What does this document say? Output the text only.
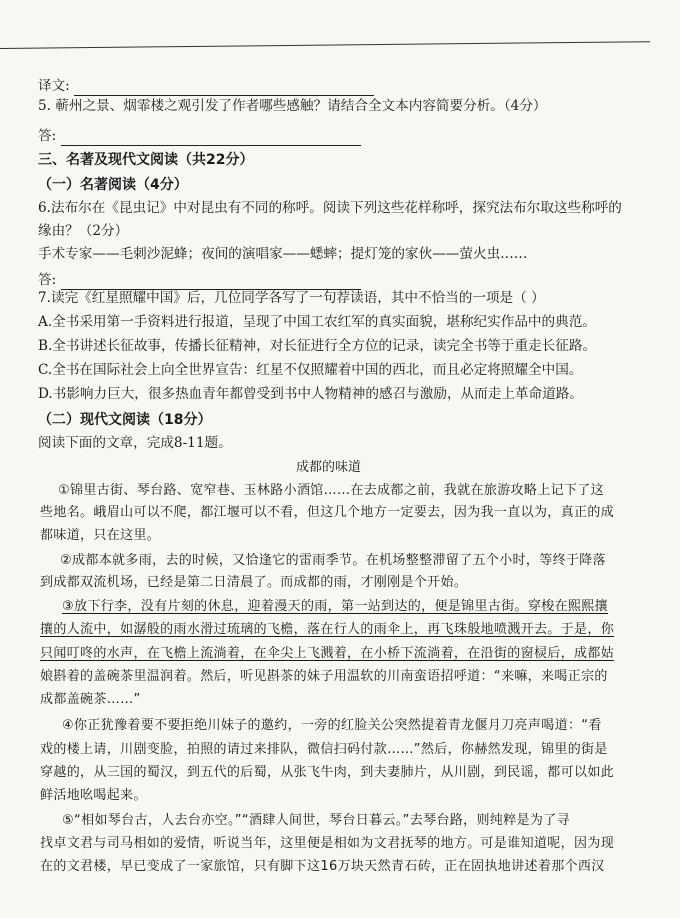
译文:
5. 蕲州之景、烟霏楼之观引发了作者哪些感触？请结合全文本内容简要分析。（4分）
答:
三、名著及现代文阅读（共22分）
（一）名著阅读（4分）
6.法布尔在《昆虫记》中对昆虫有不同的称呼。阅读下列这些花样称呼，探究法布尔取这些称呼的
缘由？（2分）
手术专家——毛刺沙泥蜂；夜间的演唱家——蟋蟀；提灯笼的家伙——萤火虫……
答:
7.读完《红星照耀中国》后，几位同学各写了一句荐读语，其中不恰当的一项是（ ）
A.全书采用第一手资料进行报道，呈现了中国工农红军的真实面貌，堪称纪实作品中的典范。
B.全书讲述长征故事，传播长征精神，对长征进行全方位的记录，读完全书等于重走长征路。
C.全书在国际社会上向全世界宣告：红星不仅照耀着中国的西北，而且必定将照耀全中国。
D.书影响力巨大，很多热血青年都曾受到书中人物精神的感召与激励，从而走上革命道路。
（二）现代文阅读（18分）
阅读下面的文章，完成8-11题。
成都的味道
①锦里古街、琴台路、宽窄巷、玉林路小酒馆……在去成都之前，我就在旅游攻略上记下了这
些地名。峨眉山可以不爬，都江堰可以不看，但这几个地方一定要去，因为我一直以为，真正的成
都味道，只在这里。
②成都本就多雨，去的时候，又恰逢它的雷雨季节。在机场整整滞留了五个小时，等终于降落
到成都双流机场，已经是第二日清晨了。而成都的雨，才刚刚是个开始。
③放下行李，没有片刻的休息，迎着漫天的雨，第一站到达的，便是锦里古街。穿梭在熙熙攘
攘的人流中，如潺般的雨水滑过琉璃的飞檐，落在行人的雨伞上，再飞珠般地喷溅开去。于是，你
只闻叮咚的水声，在飞檐上流淌着，在伞尖上飞溅着，在小桥下流淌着，在沿街的窗棂后，成都姑
娘斟着的盖碗茶里温润着。然后，听见斟茶的妹子用温软的川南蛮语招呼道：“来嘛，来喝正宗的
成都盖碗茶……”
④你正犹豫着要不要拒绝川妹子的邀约，一旁的红脸关公突然提着青龙偃月刀亮声喝道：“看
戏的楼上请，川剧变脸，拍照的请过来排队，微信扫码付款……”然后，你赫然发现，锦里的街是
穿越的，从三国的蜀汉，到五代的后蜀，从张飞牛肉，到夫妻肺片，从川剧，到民谣，都可以如此
鲜活地吆喝起来。
⑤“相如琴台古，人去台亦空。”“酒肆人间世，琴台日暮云。”去琴台路，则纯粹是为了寻
找卓文君与司马相如的爱情，听说当年，这里便是相如为文君抚琴的地方。可是谁知道呢，因为现
在的文君楼，早已变成了一家旅馆，只有脚下这16万块天然青石砖，正在固执地讲述着那个西汉
